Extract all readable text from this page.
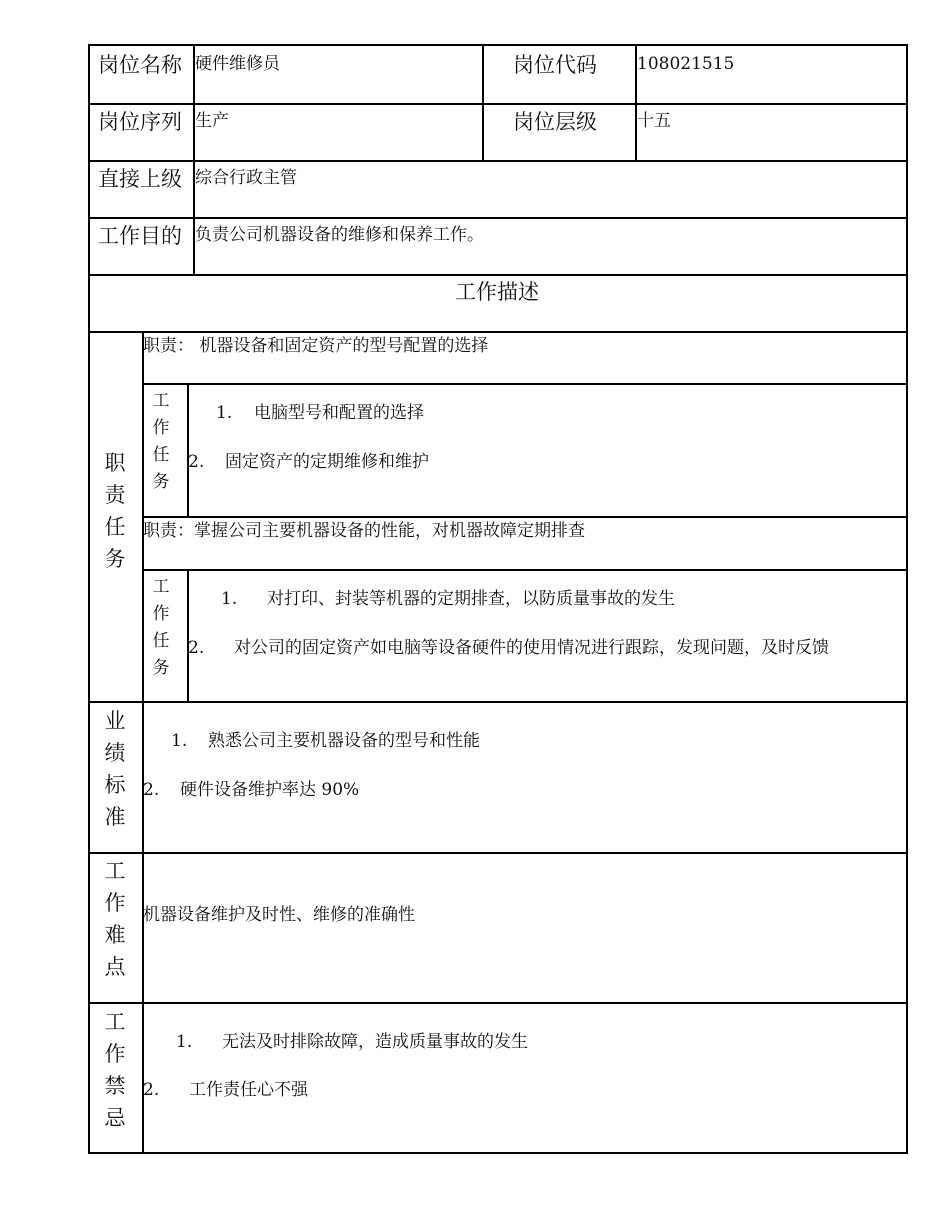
岗位名称 硬件维修员	岗位代码 108021515
岗位序列 生产	岗位层级 十五
直接上级 综合行政主管
工作目的 负责公司机器设备的维修和保养工作。
工作描述
职责任务
职责： 机器设备和固定资产的型号配置的选择
工作任务
1. 电脑型号和配置的选择
2. 固定资产的定期维修和维护
职责：掌握公司主要机器设备的性能，对机器故障定期排查
工作任务
1. 对打印、封装等机器的定期排查，以防质量事故的发生
2. 对公司的固定资产如电脑等设备硬件的使用情况进行跟踪，发现问题，及时反馈
业绩标准
1. 熟悉公司主要机器设备的型号和性能
2. 硬件设备维护率达 90%
工作难点
机器设备维护及时性、维修的准确性
工作禁忌
1. 无法及时排除故障，造成质量事故的发生
2. 工作责任心不强
